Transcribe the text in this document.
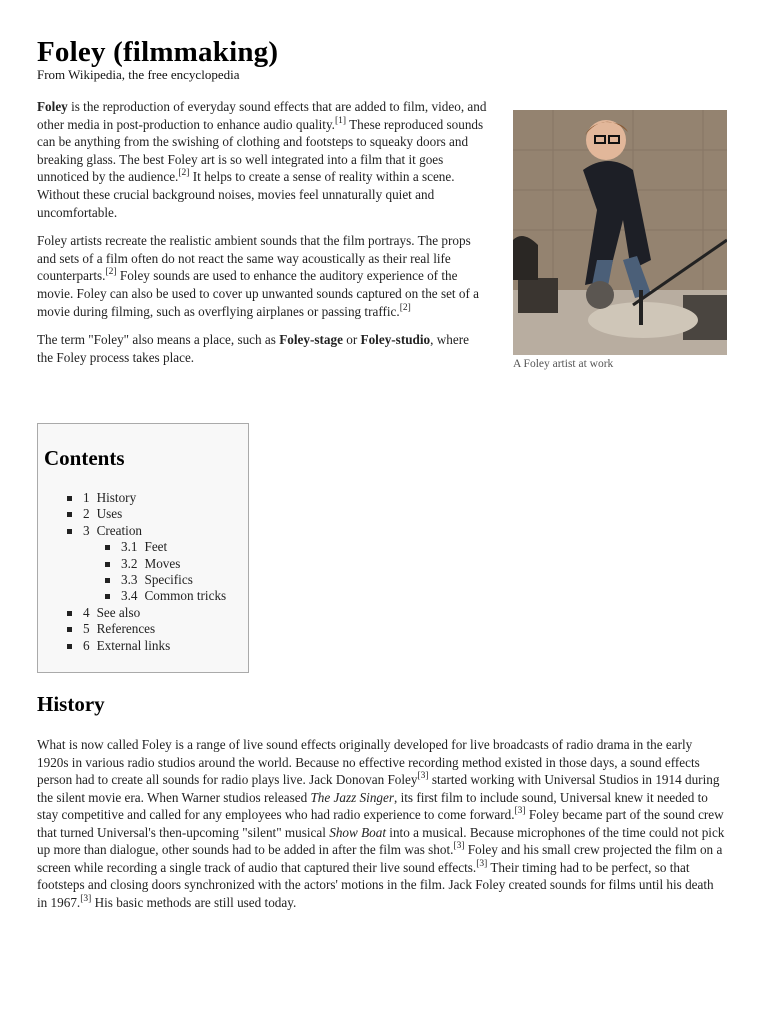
Foley (filmmaking)
From Wikipedia, the free encyclopedia

Foley is the reproduction of everyday sound effects that are added to film, video, and other media in post-production to enhance audio quality.[1] These reproduced sounds can be anything from the swishing of clothing and footsteps to squeaky doors and breaking glass. The best Foley art is so well integrated into a film that it goes unnoticed by the audience.[2] It helps to create a sense of reality within a scene. Without these crucial background noises, movies feel unnaturally quiet and uncomfortable.

Foley artists recreate the realistic ambient sounds that the film portrays. The props and sets of a film often do not react the same way acoustically as their real life counterparts.[2] Foley sounds are used to enhance the auditory experience of the movie. Foley can also be used to cover up unwanted sounds captured on the set of a movie during filming, such as overflying airplanes or passing traffic.[2]

The term "Foley" also means a place, such as Foley-stage or Foley-studio, where the Foley process takes place.	A Foley artist at work
Contents
1 History
2 Uses
3 Creation
3.1 Feet
3.2 Moves
3.3 Specifics
3.4 Common tricks
4 See also
5 References
6 External links
History

What is now called Foley is a range of live sound effects originally developed for live broadcasts of radio drama in the early 1920s in various radio studios around the world. Because no effective recording method existed in those days, a sound effects person had to create all sounds for radio plays live. Jack Donovan Foley[3] started working with Universal Studios in 1914 during the silent movie era. When Warner studios released The Jazz Singer, its first film to include sound, Universal knew it needed to stay competitive and called for any employees who had radio experience to come forward.[3] Foley became part of the sound crew that turned Universal's then-upcoming "silent" musical Show Boat into a musical. Because microphones of the time could not pick up more than dialogue, other sounds had to be added in after the film was shot.[3] Foley and his small crew projected the film on a screen while recording a single track of audio that captured their live sound effects.[3] Their timing had to be perfect, so that footsteps and closing doors synchronized with the actors' motions in the film. Jack Foley created sounds for films until his death in 1967.[3] His basic methods are still used today.
